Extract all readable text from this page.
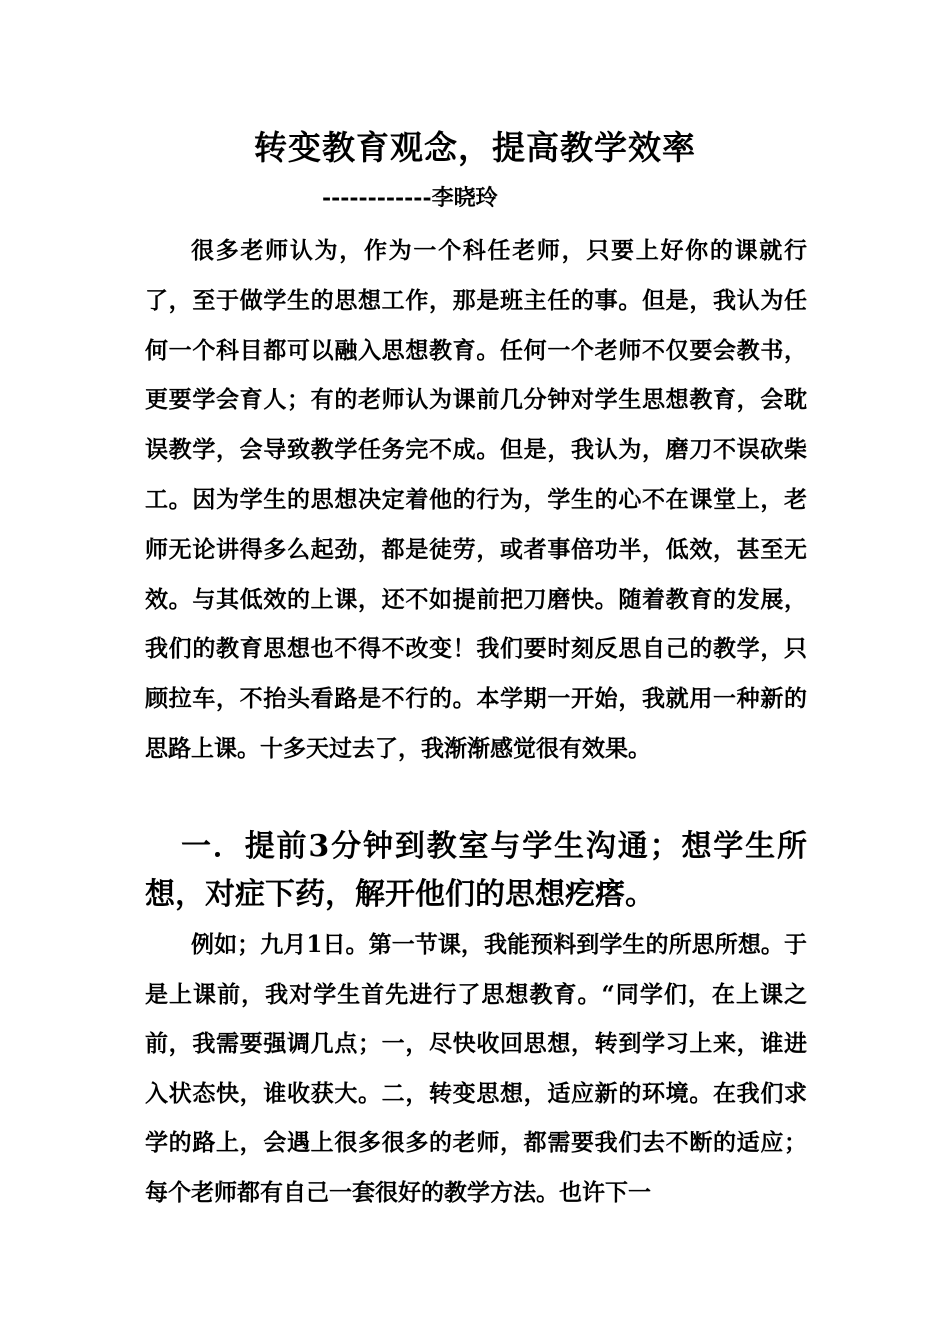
转变教育观念，提高教学效率
------------李晓玲

很多老师认为，作为一个科任老师，只要上好你的课就行了，至于做学生的思想工作，那是班主任的事。但是，我认为任何一个科目都可以融入思想教育。任何一个老师不仅要会教书，更要学会育人；有的老师认为课前几分钟对学生思想教育，会耽误教学，会导致教学任务完不成。但是，我认为，磨刀不误砍柴工。因为学生的思想决定着他的行为，学生的心不在课堂上，老师无论讲得多么起劲，都是徒劳，或者事倍功半，低效，甚至无效。与其低效的上课，还不如提前把刀磨快。随着教育的发展，我们的教育思想也不得不改变！我们要时刻反思自己的教学，只顾拉车，不抬头看路是不行的。本学期一开始，我就用一种新的思路上课。十多天过去了，我渐渐感觉很有效果。

一．提前3分钟到教室与学生沟通；想学生所想，对症下药，解开他们的思想疙瘩。

例如；九月1日。第一节课，我能预料到学生的所思所想。于是上课前，我对学生首先进行了思想教育。“同学们，在上课之前，我需要强调几点；一，尽快收回思想，转到学习上来，谁进入状态快，谁收获大。二，转变思想，适应新的环境。在我们求学的路上，会遇上很多很多的老师，都需要我们去不断的适应；每个老师都有自己一套很好的教学方法。也许下一
